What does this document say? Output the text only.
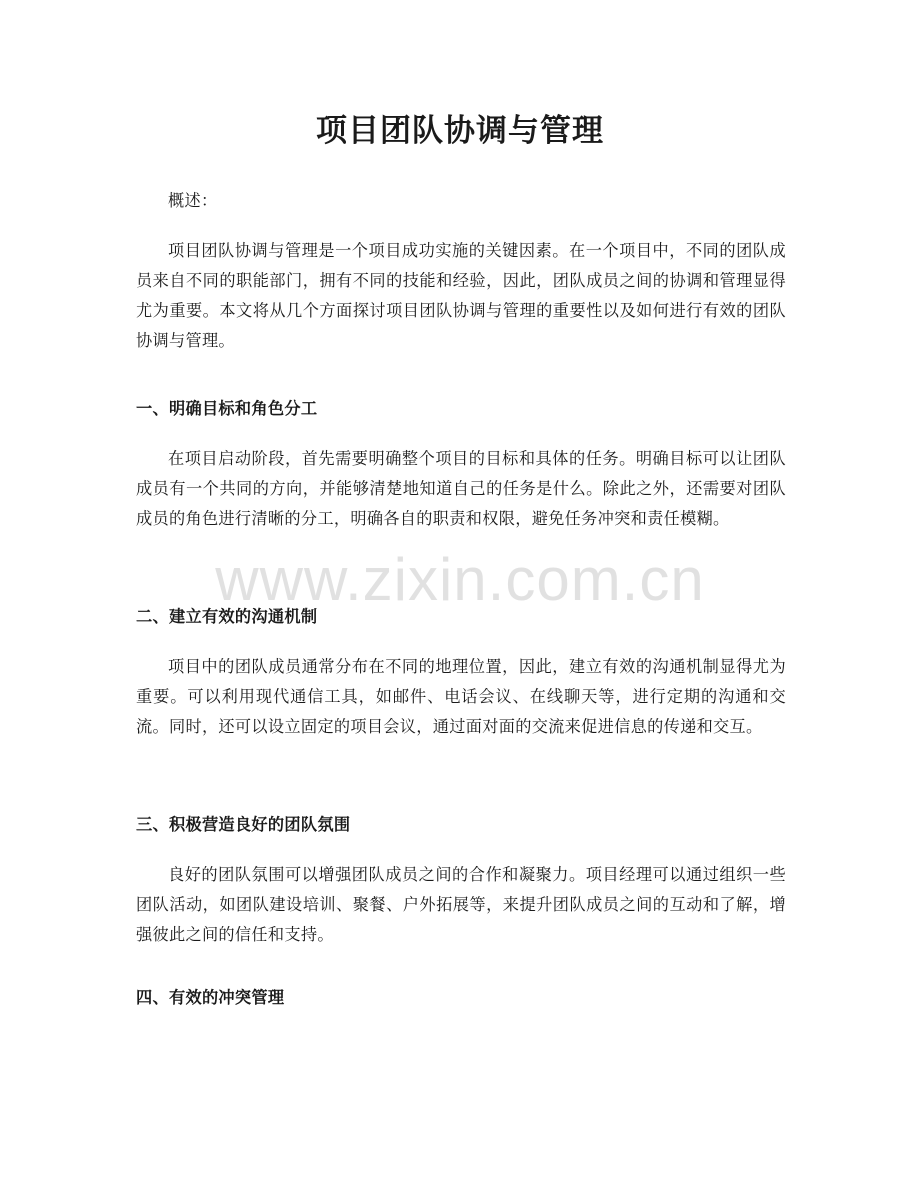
项目团队协调与管理

概述：

项目团队协调与管理是一个项目成功实施的关键因素。在一个项目中，不同的团队成员来自不同的职能部门，拥有不同的技能和经验，因此，团队成员之间的协调和管理显得尤为重要。本文将从几个方面探讨项目团队协调与管理的重要性以及如何进行有效的团队协调与管理。

一、明确目标和角色分工

在项目启动阶段，首先需要明确整个项目的目标和具体的任务。明确目标可以让团队成员有一个共同的方向，并能够清楚地知道自己的任务是什么。除此之外，还需要对团队成员的角色进行清晰的分工，明确各自的职责和权限，避免任务冲突和责任模糊。

二、建立有效的沟通机制

项目中的团队成员通常分布在不同的地理位置，因此，建立有效的沟通机制显得尤为重要。可以利用现代通信工具，如邮件、电话会议、在线聊天等，进行定期的沟通和交流。同时，还可以设立固定的项目会议，通过面对面的交流来促进信息的传递和交互。

三、积极营造良好的团队氛围

良好的团队氛围可以增强团队成员之间的合作和凝聚力。项目经理可以通过组织一些团队活动，如团队建设培训、聚餐、户外拓展等，来提升团队成员之间的互动和了解，增强彼此之间的信任和支持。

四、有效的冲突管理
www.zixin.com.cn
